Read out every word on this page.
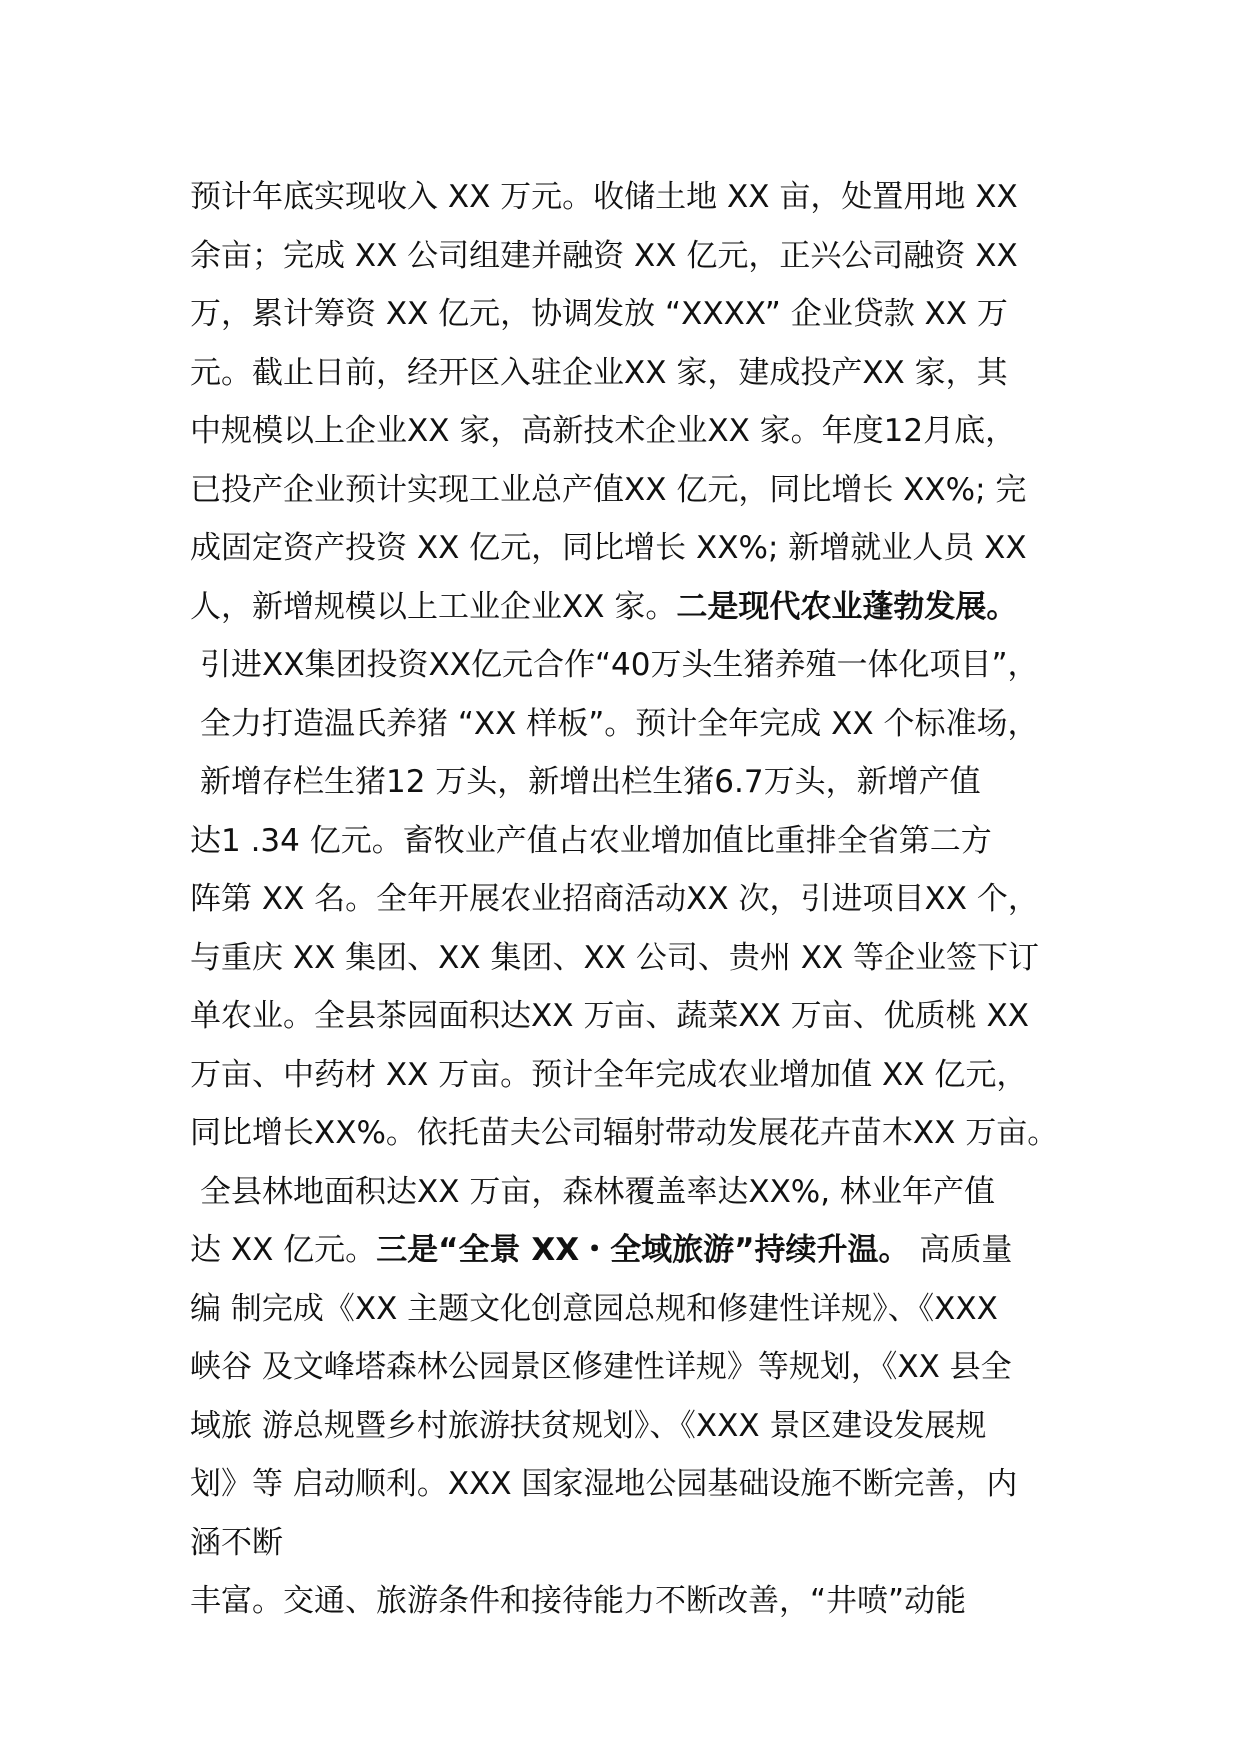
预计年底实现收入 XX 万元。收储土地 XX 亩，处置用地 XX
余亩；完成 XX 公司组建并融资 XX 亿元，正兴公司融资 XX
万，累计筹资 XX 亿元，协调发放 “XXXX” 企业贷款 XX 万
元。截止日前，经开区入驻企业XX 家，建成投产XX 家，其
中规模以上企业XX 家，高新技术企业XX 家。年度12月底，
已投产企业预计实现工业总产值XX 亿元，同比增长 XX%; 完
成固定资产投资 XX 亿元，同比增长 XX%; 新增就业人员 XX
人，新增规模以上工业企业XX 家。二是现代农业蓬勃发展。
引进XX集团投资XX亿元合作“40万头生猪养殖一体化项目”，
全力打造温氏养猪 “XX 样板”。预计全年完成 XX 个标准场，
新增存栏生猪12 万头，新增出栏生猪6.7万头，新增产值
达1 .34 亿元。畜牧业产值占农业增加值比重排全省第二方
阵第 XX 名。全年开展农业招商活动XX 次，引进项目XX 个，
与重庆 XX 集团、XX 集团、XX 公司、贵州 XX 等企业签下订
单农业。全县茶园面积达XX 万亩、蔬菜XX 万亩、优质桃 XX
万亩、中药材 XX 万亩。预计全年完成农业增加值 XX 亿元，
同比增长XX%。依托苗夫公司辐射带动发展花卉苗木XX 万亩。
全县林地面积达XX 万亩，森林覆盖率达XX%, 林业年产值
达 XX 亿元。三是“全景 XX・全域旅游”持续升温。 高质量
编 制完成《XX 主题文化创意园总规和修建性详规》、《XXX
峡谷 及文峰塔森林公园景区修建性详规》等规划，《XX 县全
域旅 游总规暨乡村旅游扶贫规划》、《XXX 景区建设发展规
划》等 启动顺利。XXX 国家湿地公园基础设施不断完善，内
涵不断
丰富。交通、旅游条件和接待能力不断改善，“井喷”动能
